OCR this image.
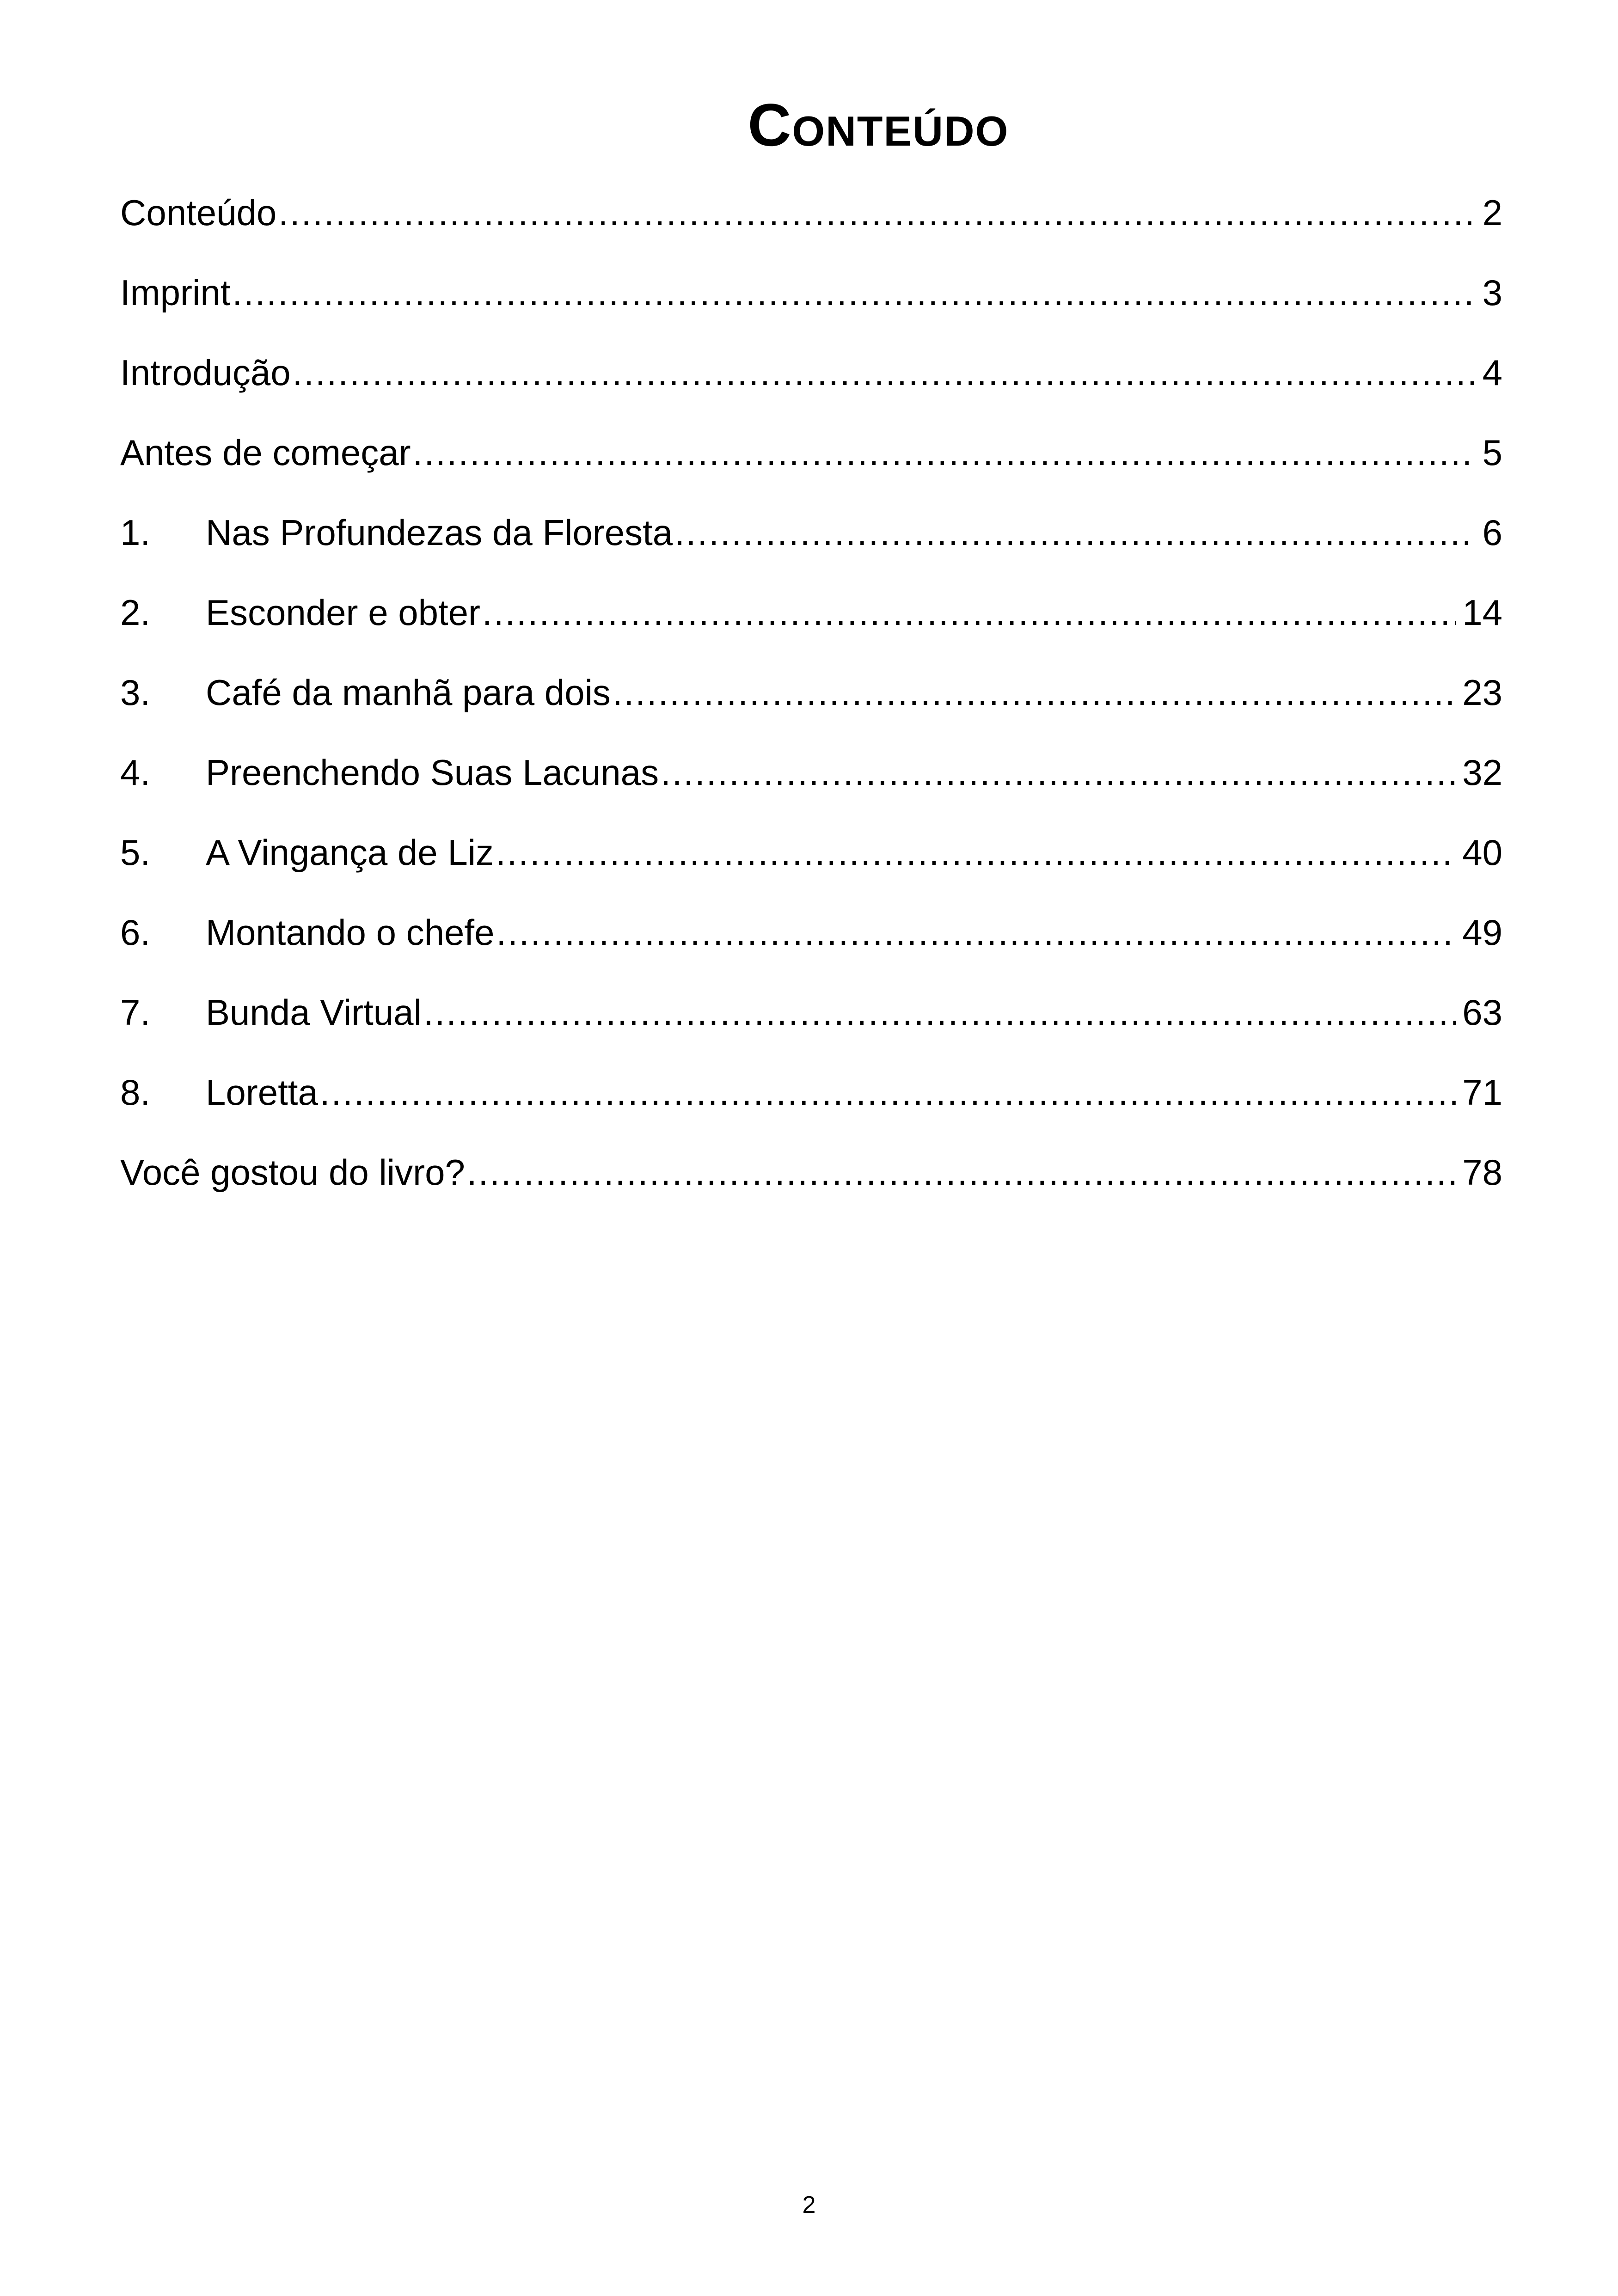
Conteúdo
Conteúdo .....	2
Imprint .....	3
Introdução .....	4
Antes de começar .....	5
1.	Nas Profundezas da Floresta .....	6
2.	Esconder e obter .....	14
3.	Café da manhã para dois .....	23
4.	Preenchendo Suas Lacunas .....	32
5.	A Vingança de Liz .....	40
6.	Montando o chefe .....	49
7.	Bunda Virtual .....	63
8.	Loretta .....	71
Você gostou do livro? .....	78
2
